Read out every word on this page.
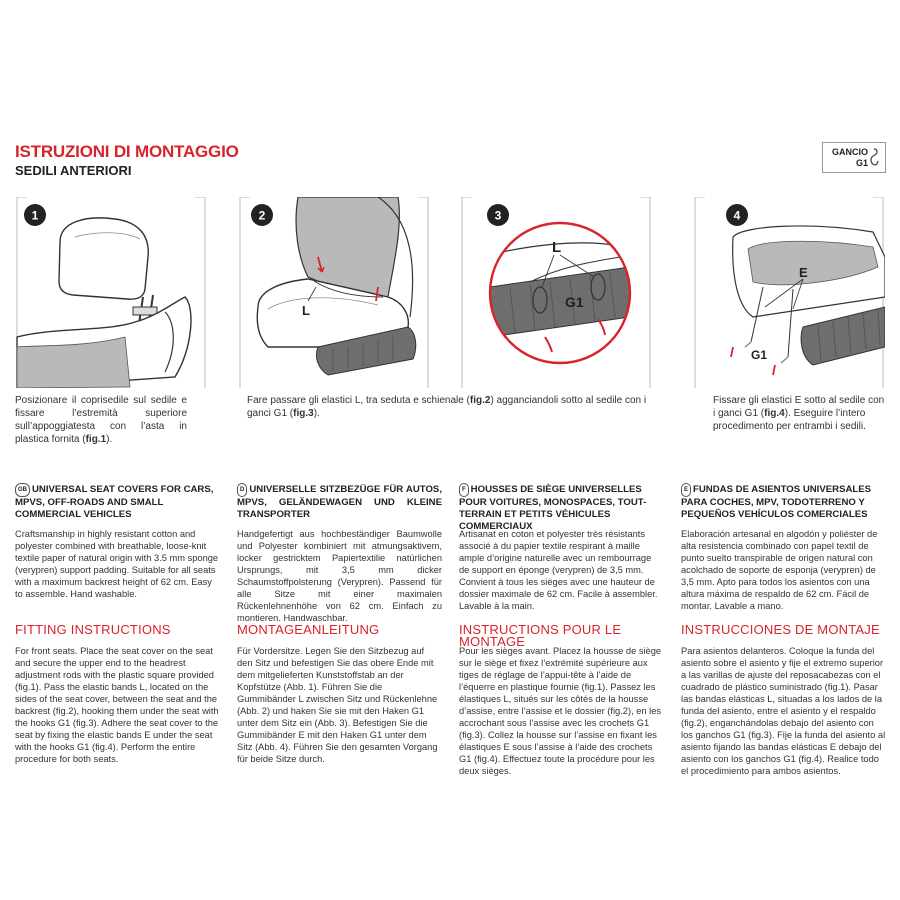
ISTRUZIONI DI MONTAGGIO
SEDILI ANTERIORI
GANCIO
G1
1
L
2
L
G1
3
E
G1
4
Posizionare il coprisedile sul sedile e fissare l’estremità superiore sull’appoggiatesta con l’asta in plastica fornita (fig.1).
Fare passare gli elastici L, tra seduta e schienale (fig.2) agganciandoli sotto al sedile con i ganci G1 (fig.3).
Fissare gli elastici E sotto al sedile con i ganci G1 (fig.4). Eseguire l’intero procedimento per entrambi i sedili.
GB UNIVERSAL SEAT COVERS FOR CARS, MPVS, OFF-ROADS AND SMALL COMMERCIAL VEHICLES
Craftsmanship in highly resistant cotton and polyester combined with breathable, loose-knit textile paper of natural origin with 3.5 mm sponge (verypren) support padding. Suitable for all seats with a maximum backrest height of 62 cm. Easy to assemble. Hand washable.
FITTING INSTRUCTIONS
For front seats. Place the seat cover on the seat and secure the upper end to the headrest adjustment rods with the plastic square provided (fig.1). Pass the elastic bands L, located on the sides of the seat cover, between the seat and the backrest (fig.2), hooking them under the seat with the hooks G1 (fig.3). Adhere the seat cover to the seat by fixing the elastic bands E under the seat with the hooks G1 (fig.4). Perform the entire procedure for both seats.
D UNIVERSELLE SITZBEZÜGE FÜR AUTOS, MPVS, GELÄNDEWAGEN UND KLEINE TRANSPORTER
Handgefertigt aus hochbeständiger Baumwolle und Polyester kombiniert mit atmungsaktivem, locker gestricktem Papiertextilie natürlichen Ursprungs, mit 3,5 mm dicker Schaumstoffpolsterung (Verypren). Passend für alle Sitze mit einer maximalen Rückenlehnenhöhe von 62 cm. Einfach zu montieren. Handwaschbar.
MONTAGEANLEITUNG
Für Vordersitze. Legen Sie den Sitzbezug auf den Sitz und befestigen Sie das obere Ende mit dem mitgelieferten Kunststoffstab an der Kopfstütze (Abb. 1). Führen Sie die Gummibänder L zwischen Sitz und Rückenlehne (Abb. 2) und haken Sie sie mit den Haken G1 unter dem Sitz ein (Abb. 3). Befestigen Sie die Gummibänder E mit den Haken G1 unter dem Sitz (Abb. 4). Führen Sie den gesamten Vorgang für beide Sitze durch.
F HOUSSES DE SIÈGE UNIVERSELLES POUR VOITURES, MONOSPACES, TOUT-TERRAIN ET PETITS VÉHICULES COMMERCIAUX
Artisanat en coton et polyester très résistants associé à du papier textile respirant à maille ample d’origine naturelle avec un rembourrage de support en éponge (verypren) de 3,5 mm. Convient à tous les sièges avec une hauteur de dossier maximale de 62 cm. Facile à assembler. Lavable à la main.
INSTRUCTIONS POUR LE MONTAGE
Pour les sièges avant. Placez la housse de siège sur le siège et fixez l’extrémité supérieure aux tiges de réglage de l’appui-tête à l’aide de l’équerre en plastique fournie (fig.1). Passez les élastiques L, situés sur les côtés de la housse d’assise, entre l’assise et le dossier (fig.2), en les accrochant sous l’assise avec les crochets G1 (fig.3). Collez la housse sur l’assise en fixant les élastiques E sous l’assise à l’aide des crochets G1 (fig.4). Effectuez toute la procédure pour les deux sièges.
E FUNDAS DE ASIENTOS UNIVERSALES PARA COCHES, MPV, TODOTERRENO Y PEQUEÑOS VEHÍCULOS COMERCIALES
Elaboración artesanal en algodón y poliéster de alta resistencia combinado con papel textil de punto suelto transpirable de origen natural con acolchado de soporte de esponja (verypren) de 3,5 mm. Apto para todos los asientos con una altura máxima de respaldo de 62 cm. Fácil de montar. Lavable a mano.
INSTRUCCIONES DE MONTAJE
Para asientos delanteros. Coloque la funda del asiento sobre el asiento y fije el extremo superior a las varillas de ajuste del reposacabezas con el cuadrado de plástico suministrado (fig.1). Pasar las bandas elásticas L, situadas a los lados de la funda del asiento, entre el asiento y el respaldo (fig.2), enganchándolas debajo del asiento con los ganchos G1 (fig.3). Fije la funda del asiento al asiento fijando las bandas elásticas E debajo del asiento con los ganchos G1 (fig.4). Realice todo el procedimiento para ambos asientos.
